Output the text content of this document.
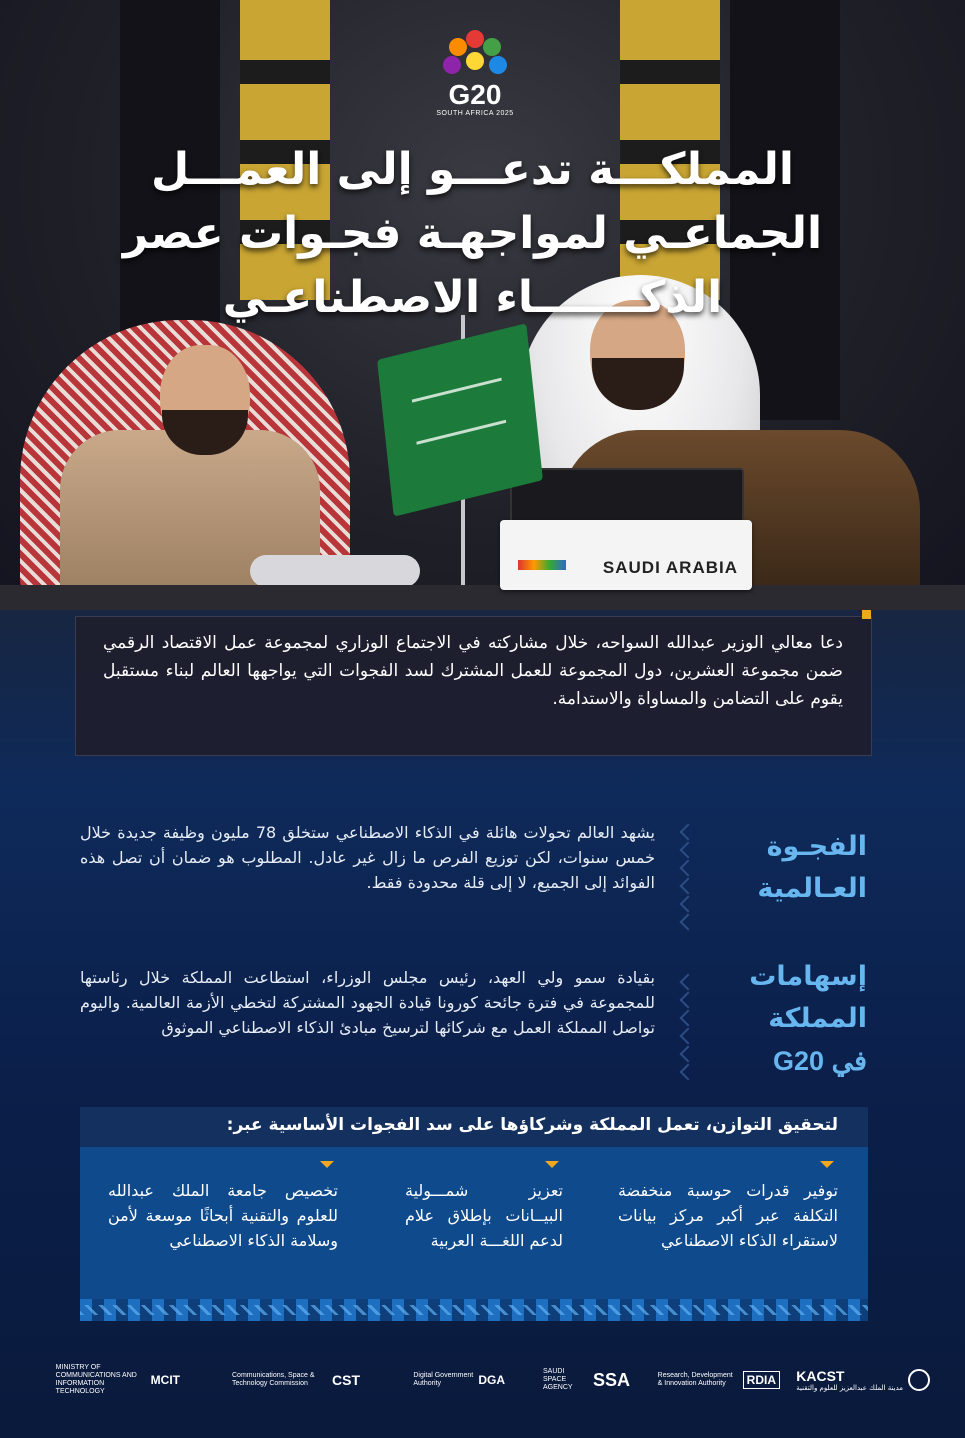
SAUDI ARABIA
G20
SOUTH AFRICA 2025
المملكـــة تدعـــو إلى العمـــل
الجماعـي لمواجهـة فجـوات عصر
الذكـــــــاء الاصطناعـي
دعا معالي الوزير عبدالله السواحه، خلال مشاركته في الاجتماع الوزاري لمجموعة عمل الاقتصاد الرقمي ضمن مجموعة العشرين، دول المجموعة للعمل المشترك لسد الفجوات التي يواجهها العالم لبناء مستقبل يقوم على التضامن والمساواة والاستدامة.
الفجـوة
العـالمية
يشهد العالم تحولات هائلة في الذكاء الاصطناعي ستخلق 78 مليون وظيفة جديدة خلال خمس سنوات، لكن توزيع الفرص ما زال غير عادل. المطلوب هو ضمان أن تصل هذه الفوائد إلى الجميع، لا إلى قلة محدودة فقط.
إسهامات
المملكة
في G20
بقيادة سمو ولي العهد، رئيس مجلس الوزراء، استطاعت المملكة خلال رئاستها للمجموعة في فترة جائحة كورونا قيادة الجهود المشتركة لتخطي الأزمة العالمية. واليوم تواصل المملكة العمل مع شركائها لترسيخ مبادئ الذكاء الاصطناعي الموثوق
لتحقيق التوازن، تعمل المملكة وشركاؤها على سد الفجوات الأساسية عبر:
توفير قدرات حوسبة منخفضة التكلفة عبر أكبر مركز بيانات لاستقراء الذكاء الاصطناعي
تعزيز شمـــولية البيــانات بإطلاق علام لدعم اللغـــة العربية
تخصيص جامعة الملك عبدالله للعلوم والتقنية أبحاثًا موسعة لأمن وسلامة الذكاء الاصطناعي
KACST
مدينة الملك عبدالعزيز للعلوم والتقنية
RDIA
Research, Development & Innovation Authority
SSA
SAUDI SPACE AGENCY
DGA
Digital Government Authority
CST
Communications, Space & Technology Commission
MCIT
MINISTRY OF COMMUNICATIONS AND INFORMATION TECHNOLOGY
